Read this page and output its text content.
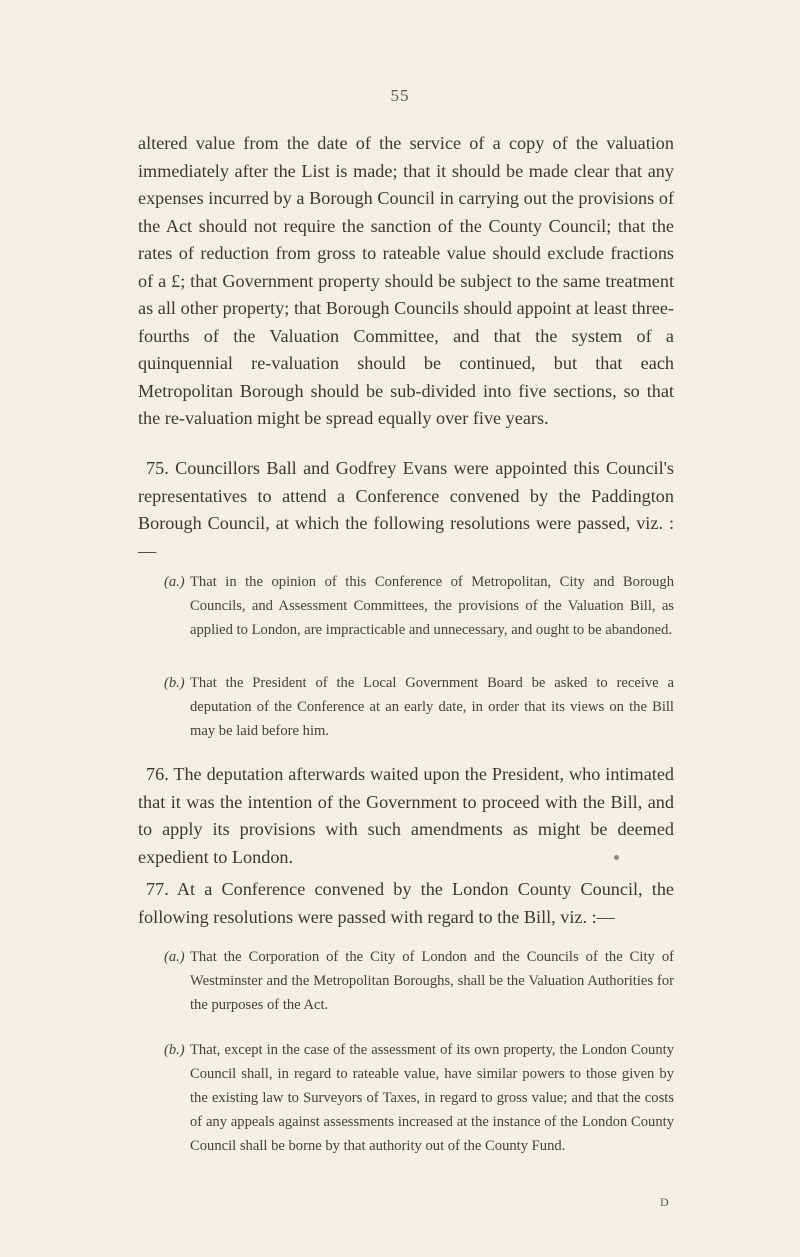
55

altered value from the date of the service of a copy of the valuation immediately after the List is made; that it should be made clear that any expenses incurred by a Borough Council in carrying out the provisions of the Act should not require the sanction of the County Council; that the rates of reduction from gross to rateable value should exclude fractions of a £; that Government property should be subject to the same treatment as all other property; that Borough Councils should appoint at least three-fourths of the Valuation Committee, and that the system of a quinquennial re-valuation should be continued, but that each Metropolitan Borough should be sub-divided into five sections, so that the re-valuation might be spread equally over five years.

75. Councillors Ball and Godfrey Evans were appointed this Council's representatives to attend a Conference convened by the Paddington Borough Council, at which the following resolutions were passed, viz. :—

(a.) That in the opinion of this Conference of Metropolitan, City and Borough Councils, and Assessment Committees, the provisions of the Valuation Bill, as applied to London, are impracticable and unnecessary, and ought to be abandoned.
(b.) That the President of the Local Government Board be asked to receive a deputation of the Conference at an early date, in order that its views on the Bill may be laid before him.

76. The deputation afterwards waited upon the President, who intimated that it was the intention of the Government to proceed with the Bill, and to apply its provisions with such amendments as might be deemed expedient to London.

77. At a Conference convened by the London County Council, the following resolutions were passed with regard to the Bill, viz. :—

(a.) That the Corporation of the City of London and the Councils of the City of Westminster and the Metropolitan Boroughs, shall be the Valuation Authorities for the purposes of the Act.
(b.) That, except in the case of the assessment of its own property, the London County Council shall, in regard to rateable value, have similar powers to those given by the existing law to Surveyors of Taxes, in regard to gross value; and that the costs of any appeals against assessments increased at the instance of the London County Council shall be borne by that authority out of the County Fund.
D
